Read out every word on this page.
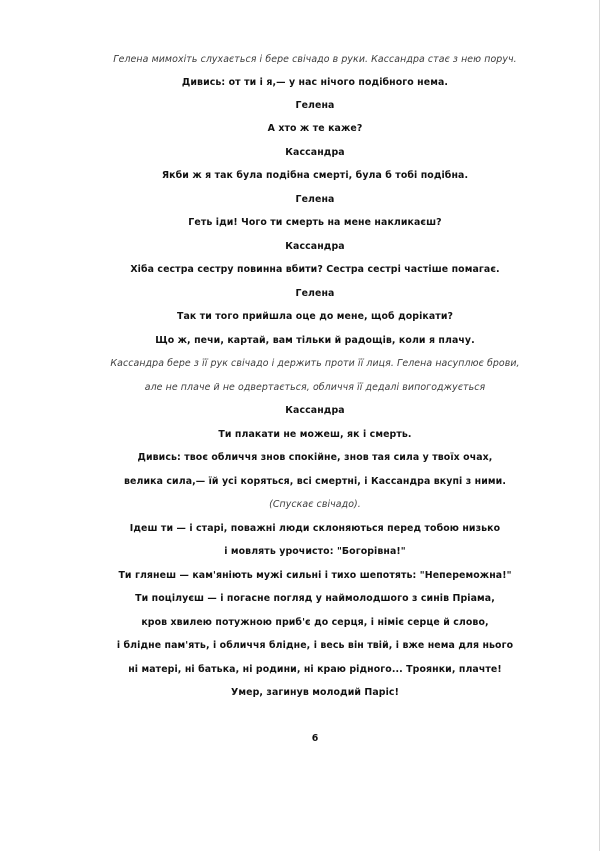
Гелена мимохіть слухається і бере свічадо в руки. Кассандра стає з нею поруч.
Дивись: от ти і я,— у нас нічого подібного нема.
Гелена
А хто ж те каже?
Кассандра
Якби ж я так була подібна смерті, була б тобі подібна.
Гелена
Геть іди! Чого ти смерть на мене накликаєш?
Кассандра
Хіба сестра сестру повинна вбити? Сестра сестрі частіше помагає.
Гелена
Так ти того прийшла оце до мене, щоб дорікати?
Що ж, печи, картай, вам тільки й радощів, коли я плачу.
Кассандра бере з її рук свічадо і держить проти її лиця. Гелена насуплює брови,
але не плаче й не одвертається, обличчя її дедалі випогоджується
Кассандра
Ти плакати не можеш, як і смерть.
Дивись: твоє обличчя знов спокійне, знов тая сила у твоїх очах,
велика сила,— їй усі коряться, всі смертні, і Кассандра вкупі з ними.
(Спускає свічадо).
Ідеш ти — і старі, поважні люди склоняються перед тобою низько
і мовлять урочисто: "Богорівна!"
Ти глянеш — кам'яніють мужі сильні і тихо шепотять: "Непереможна!"
Ти поцілуєш — і погасне погляд у наймолодшого з синів Пріама,
кров хвилею потужною приб'є до серця, і німіє серце й слово,
і блідне пам'ять, і обличчя блідне, і весь він твій, і вже нема для нього
ні матері, ні батька, ні родини, ні краю рідного... Троянки, плачте!
Умер, загинув молодий Паріс!
6
